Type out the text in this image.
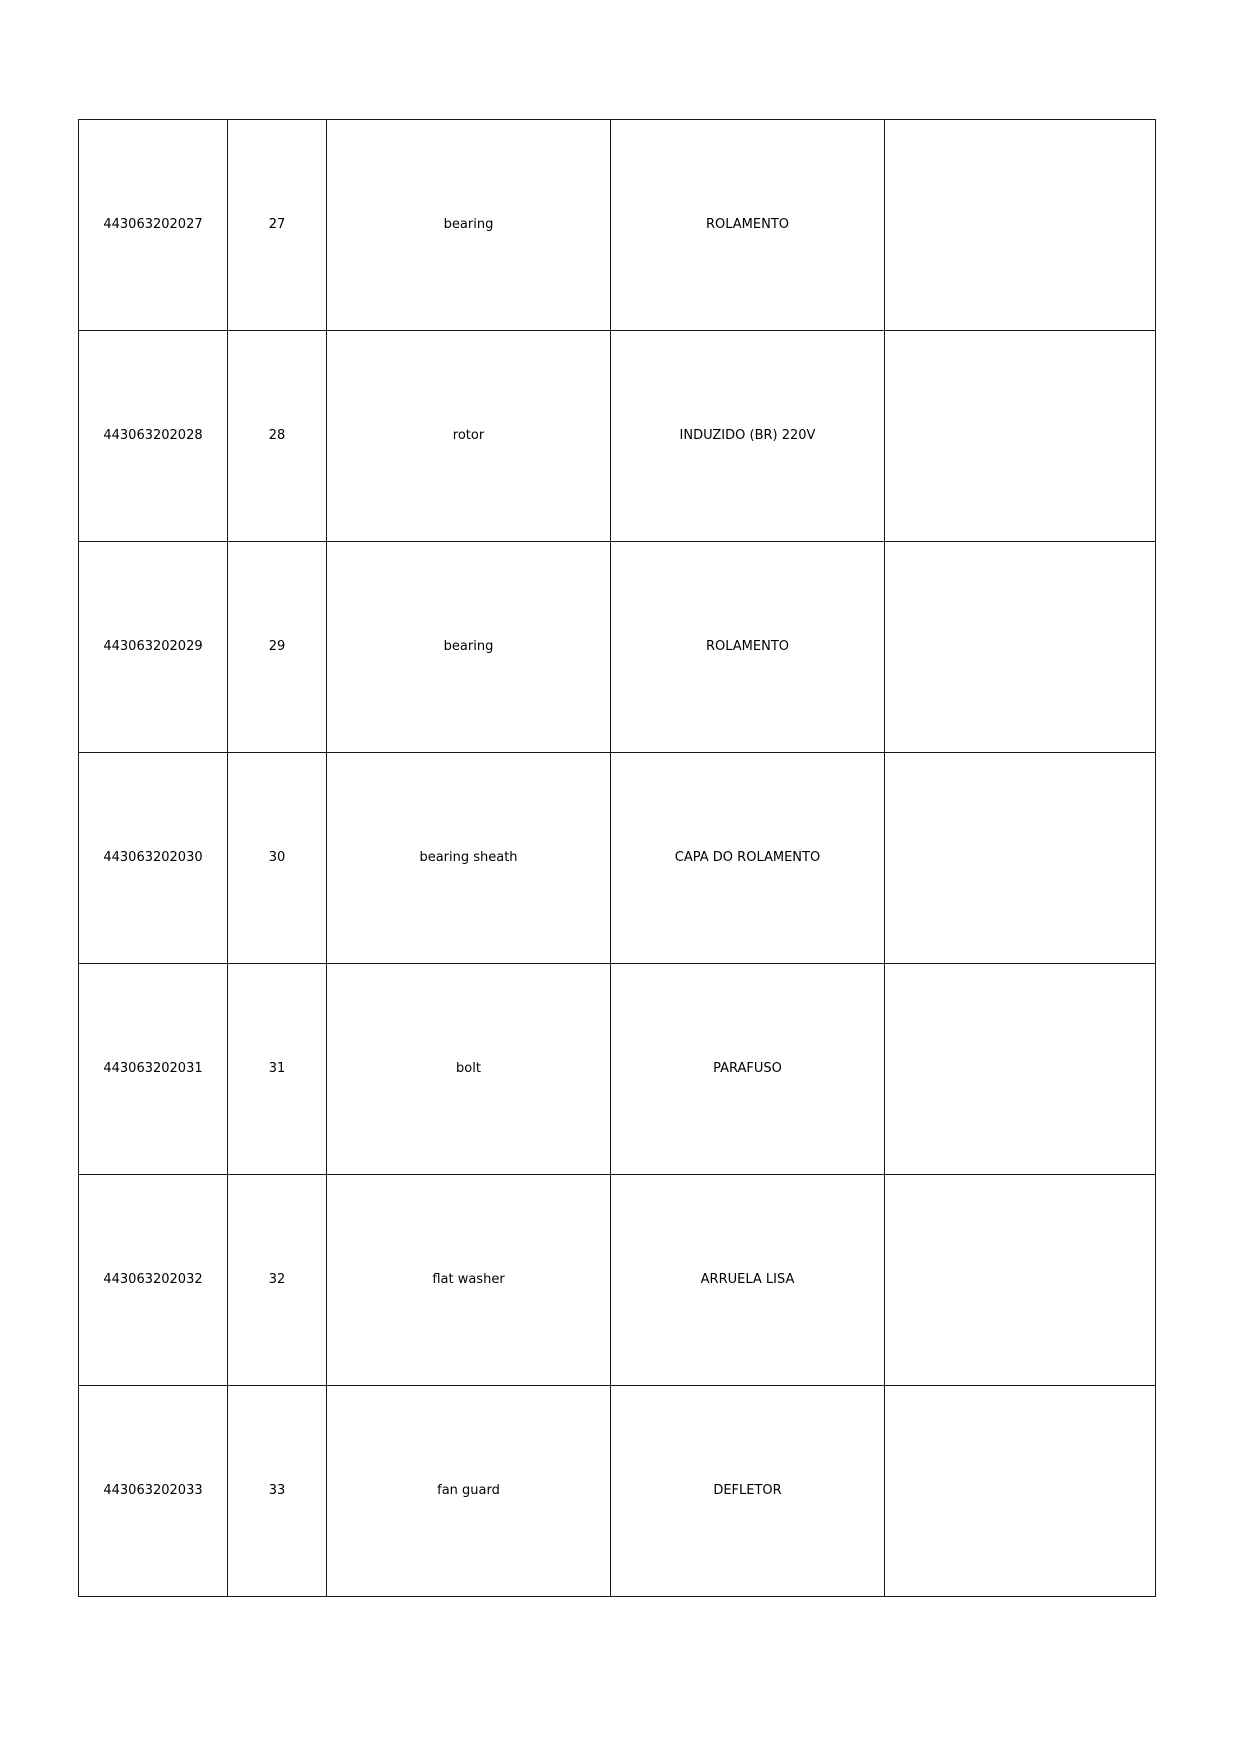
443063202027	27	bearing	ROLAMENTO	
443063202028	28	rotor	INDUZIDO (BR) 220V	
443063202029	29	bearing	ROLAMENTO	
443063202030	30	bearing sheath	CAPA DO ROLAMENTO	
443063202031	31	bolt	PARAFUSO	
443063202032	32	flat washer	ARRUELA LISA	
443063202033	33	fan guard	DEFLETOR	
